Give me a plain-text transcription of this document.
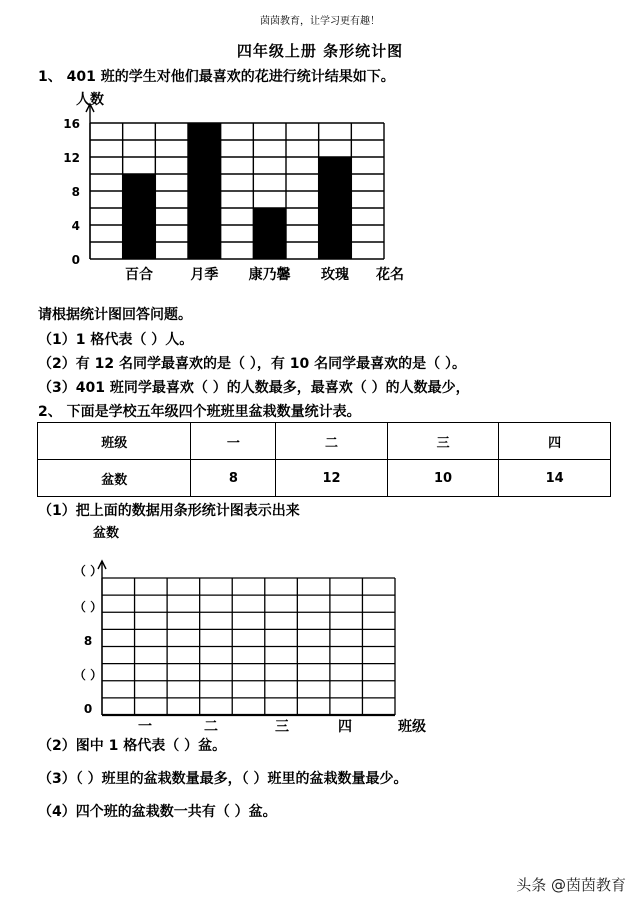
茵茵教育，让学习更有趣！
四年级上册 条形统计图
1、 401 班的学生对他们最喜欢的花进行统计结果如下。
人数
花名
0
4
8
12
16
百合	月季 康乃馨 玫瑰
请根据统计图回答问题。
（1）1 格代表（ ）人。
（2）有 12 名同学最喜欢的是（ ），有 10 名同学最喜欢的是（ ）。
（3）401 班同学最喜欢（ ）的人数最多，最喜欢（ ）的人数最少，
2、 下面是学校五年级四个班班里盆栽数量统计表。
班级	一	二	三	四
盆数	8	12	10	14
（1）把上面的数据用条形统计图表示出来
盆数
班级
（ ）
（ ）
8
（ ）
0
一	二	三	四
（2）图中 1 格代表（ ）盆。
（3）（ ）班里的盆栽数量最多，（ ）班里的盆栽数量最少。
（4）四个班的盆栽数一共有（ ）盆。
头条 @茵茵教育
